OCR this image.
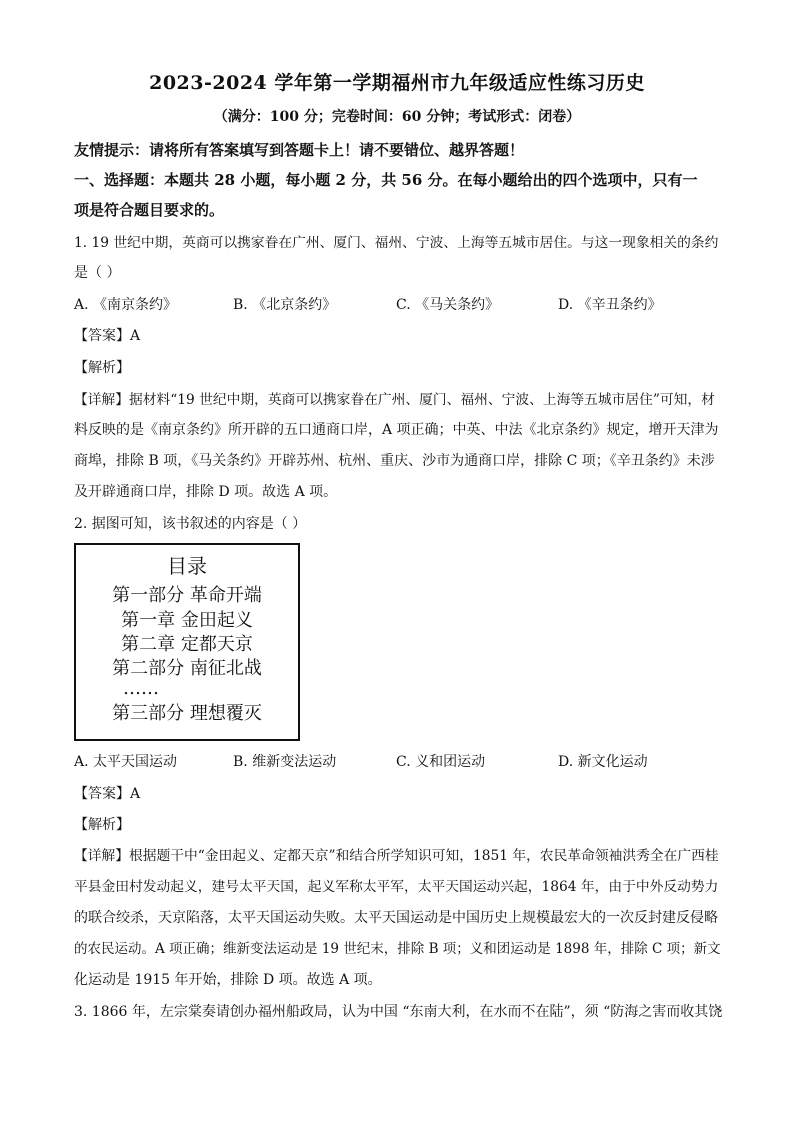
2023-2024 学年第一学期福州市九年级适应性练习历史
（满分：100 分；完卷时间：60 分钟；考试形式：闭卷）
友情提示：请将所有答案填写到答题卡上！请不要错位、越界答题！
一、选择题：本题共 28 小题，每小题 2 分，共 56 分。在每小题给出的四个选项中，只有一
项是符合题目要求的。
1. 19 世纪中期，英商可以携家眷在广州、厦门、福州、宁波、上海等五城市居住。与这一现象相关的条约
是（ ）
A. 《南京条约》	B. 《北京条约》	C. 《马关条约》	D. 《辛丑条约》
【答案】A
【解析】
【详解】据材料“19 世纪中期，英商可以携家眷在广州、厦门、福州、宁波、上海等五城市居住”可知，材
料反映的是《南京条约》所开辟的五口通商口岸，A 项正确；中英、中法《北京条约》规定，增开天津为
商埠，排除 B 项，《马关条约》开辟苏州、杭州、重庆、沙市为通商口岸，排除 C 项；《辛丑条约》未涉
及开辟通商口岸，排除 D 项。故选 A 项。
2. 据图可知，该书叙述的内容是（ ）
目录
第一部分 革命开端
第一章 金田起义
第二章 定都天京
第二部分 南征北战
……
第三部分 理想覆灭
A. 太平天国运动	B. 维新变法运动	C. 义和团运动	D. 新文化运动
【答案】A
【解析】
【详解】根据题干中“金田起义、定都天京”和结合所学知识可知，1851 年，农民革命领袖洪秀全在广西桂
平县金田村发动起义，建号太平天国，起义军称太平军，太平天国运动兴起，1864 年，由于中外反动势力
的联合绞杀，天京陷落，太平天国运动失败。太平天国运动是中国历史上规模最宏大的一次反封建反侵略
的农民运动。A 项正确；维新变法运动是 19 世纪末，排除 B 项；义和团运动是 1898 年，排除 C 项；新文
化运动是 1915 年开始，排除 D 项。故选 A 项。
3. 1866 年，左宗棠奏请创办福州船政局，认为中国 “东南大利，在水而不在陆”，须 “防海之害而收其饶
